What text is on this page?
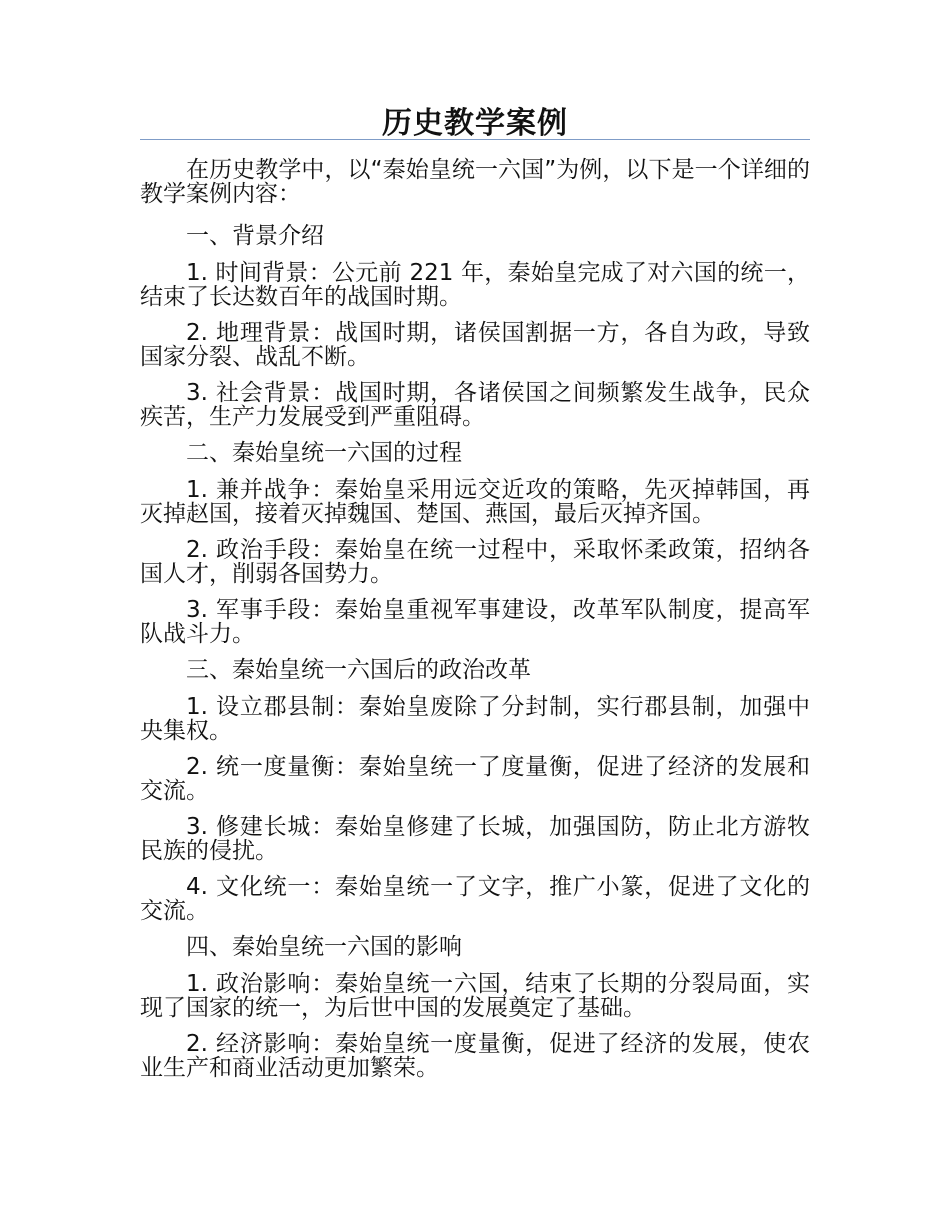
历史教学案例

在历史教学中，以“秦始皇统一六国”为例，以下是一个详细的教学案例内容：

一、背景介绍

1. 时间背景：公元前 221 年，秦始皇完成了对六国的统一，结束了长达数百年的战国时期。

2. 地理背景：战国时期，诸侯国割据一方，各自为政，导致国家分裂、战乱不断。

3. 社会背景：战国时期，各诸侯国之间频繁发生战争，民众疾苦，生产力发展受到严重阻碍。

二、秦始皇统一六国的过程

1. 兼并战争：秦始皇采用远交近攻的策略，先灭掉韩国，再灭掉赵国，接着灭掉魏国、楚国、燕国，最后灭掉齐国。

2. 政治手段：秦始皇在统一过程中，采取怀柔政策，招纳各国人才，削弱各国势力。

3. 军事手段：秦始皇重视军事建设，改革军队制度，提高军队战斗力。

三、秦始皇统一六国后的政治改革

1. 设立郡县制：秦始皇废除了分封制，实行郡县制，加强中央集权。

2. 统一度量衡：秦始皇统一了度量衡，促进了经济的发展和交流。

3. 修建长城：秦始皇修建了长城，加强国防，防止北方游牧民族的侵扰。

4. 文化统一：秦始皇统一了文字，推广小篆，促进了文化的交流。

四、秦始皇统一六国的影响

1. 政治影响：秦始皇统一六国，结束了长期的分裂局面，实现了国家的统一，为后世中国的发展奠定了基础。

2. 经济影响：秦始皇统一度量衡，促进了经济的发展，使农业生产和商业活动更加繁荣。
